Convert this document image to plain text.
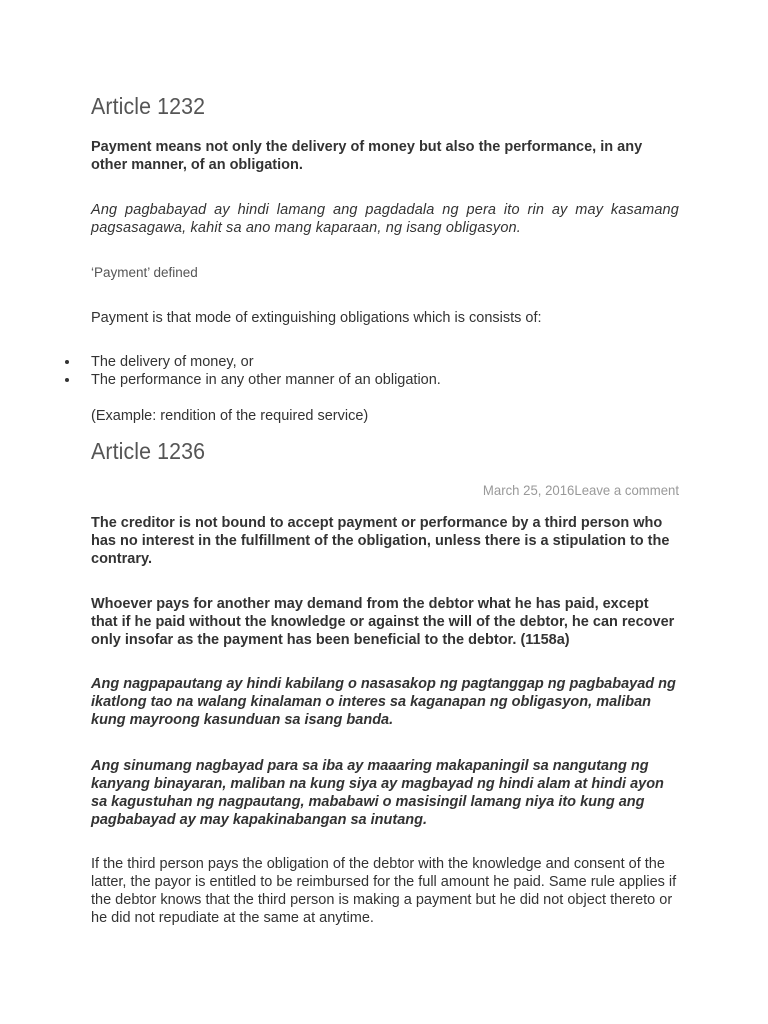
Article 1232

Payment means not only the delivery of money but also the performance, in any other manner, of an obligation.

Ang pagbabayad ay hindi lamang ang pagdadala ng pera ito rin ay may kasamang pagsasagawa, kahit sa ano mang kaparaan, ng isang obligasyon.

‘Payment’ defined

Payment is that mode of extinguishing obligations which is consists of:

The delivery of money, or
The performance in any other manner of an obligation.

(Example: rendition of the required service)

Article 1236
March 25, 2016Leave a comment

The creditor is not bound to accept payment or performance by a third person who has no interest in the fulfillment of the obligation, unless there is a stipulation to the contrary.

Whoever pays for another may demand from the debtor what he has paid, except that if he paid without the knowledge or against the will of the debtor, he can recover only insofar as the payment has been beneficial to the debtor. (1158a)

Ang nagpapautang ay hindi kabilang o nasasakop ng pagtanggap ng pagbabayad ng ikatlong tao na walang kinalaman o interes sa kaganapan ng obligasyon, maliban kung mayroong kasunduan sa isang banda.

Ang sinumang nagbayad para sa iba ay maaaring makapaningil sa nangutang ng kanyang binayaran, maliban na kung siya ay magbayad ng hindi alam at hindi ayon sa kagustuhan ng nagpautang, mababawi o masisingil lamang niya ito kung ang pagbabayad ay may kapakinabangan sa inutang.

If the third person pays the obligation of the debtor with the knowledge and consent of the latter, the payor is entitled to be reimbursed for the full amount he paid. Same rule applies if the debtor knows that the third person is making a payment but he did not object thereto or he did not repudiate at the same at anytime.
